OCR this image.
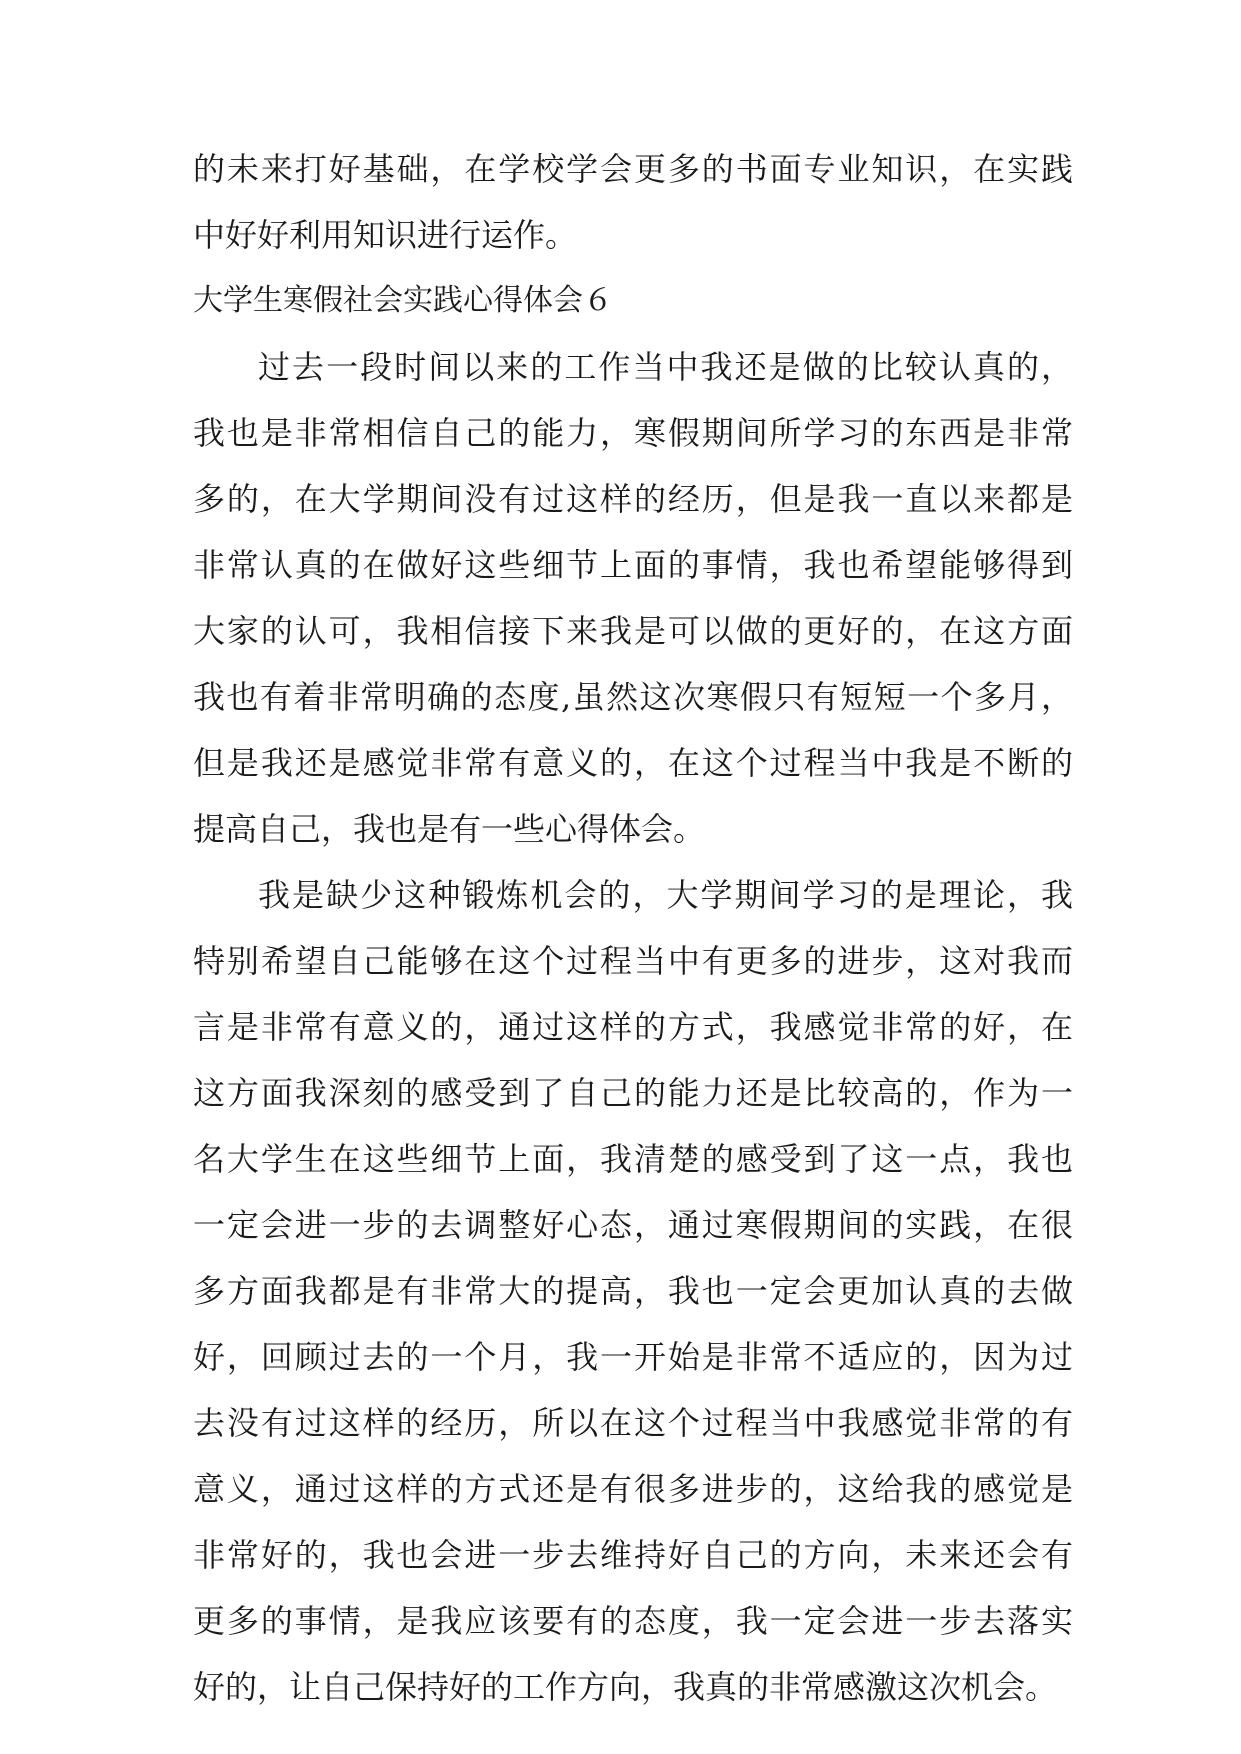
的未来打好基础，在学校学会更多的书面专业知识，在实践
中好好利用知识进行运作。
大学生寒假社会实践心得体会６
过去一段时间以来的工作当中我还是做的比较认真的，
我也是非常相信自己的能力，寒假期间所学习的东西是非常
多的，在大学期间没有过这样的经历，但是我一直以来都是
非常认真的在做好这些细节上面的事情，我也希望能够得到
大家的认可，我相信接下来我是可以做的更好的，在这方面
我也有着非常明确的态度,虽然这次寒假只有短短一个多月，
但是我还是感觉非常有意义的，在这个过程当中我是不断的
提高自己，我也是有一些心得体会。
我是缺少这种锻炼机会的，大学期间学习的是理论，我
特别希望自己能够在这个过程当中有更多的进步，这对我而
言是非常有意义的，通过这样的方式，我感觉非常的好，在
这方面我深刻的感受到了自己的能力还是比较高的，作为一
名大学生在这些细节上面，我清楚的感受到了这一点，我也
一定会进一步的去调整好心态，通过寒假期间的实践，在很
多方面我都是有非常大的提高，我也一定会更加认真的去做
好，回顾过去的一个月，我一开始是非常不适应的，因为过
去没有过这样的经历，所以在这个过程当中我感觉非常的有
意义，通过这样的方式还是有很多进步的，这给我的感觉是
非常好的，我也会进一步去维持好自己的方向，未来还会有
更多的事情，是我应该要有的态度，我一定会进一步去落实
好的，让自己保持好的工作方向，我真的非常感激这次机会。
